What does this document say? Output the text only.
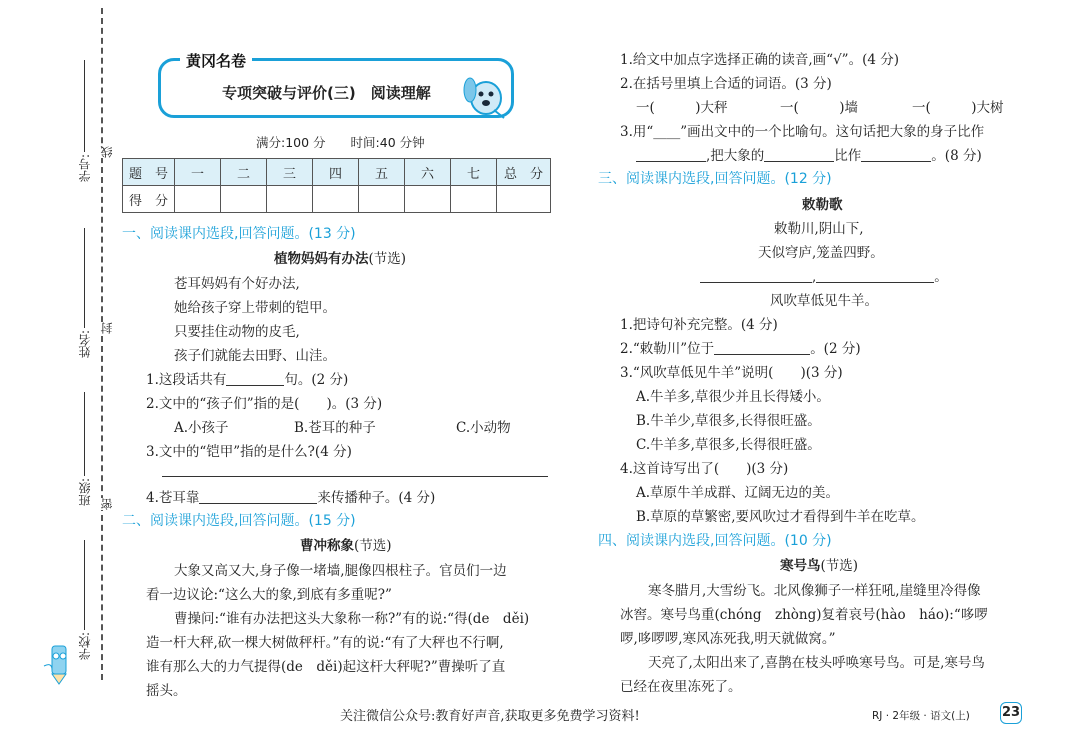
学号:
线
姓名:
封
班级: 密
学校:
黄冈名卷
专项突破与评价(三)　阅读理解
满分:100 分　　时间:40 分钟
题　号	一	二	三	四	五	六	七	总　分
得　分								
一、阅读课内选段,回答问题。(13 分)
植物妈妈有办法(节选)
苍耳妈妈有个好办法,
她给孩子穿上带刺的铠甲。
只要挂住动物的皮毛,
孩子们就能去田野、山洼。
1.这段话共有	句。(2 分)
2.文中的“孩子们”指的是(　　)。(3 分)
A.小孩子	B.苍耳的种子	C.小动物
3.文中的“铠甲”指的是什么?(4 分)
4.苍耳靠	来传播种子。(4 分)
二、阅读课内选段,回答问题。(15 分)
曹冲称象(节选)
大象又高又大,身子像一堵墙,腿像四根柱子。官员们一边
看一边议论:“这么大的象,到底有多重呢?”
曹操问:“谁有办法把这头大象称一称?”有的说:“得(de　děi)
造一杆大秤,砍一棵大树做秤杆。”有的说:“有了大秤也不行啊,
谁有那么大的力气提得(de　děi)起这杆大秤呢?”曹操听了直
摇头。
1.给文中加点字选择正确的读音,画“√”。(4 分)
2.在括号里填上合适的词语。(3 分)
一(　　　)大秤	一(　　　)墙	一(　　　)大树
3.用“____”画出文中的一个比喻句。这句话把大象的身子比作
,把大象的	比作	。(8 分)
三、阅读课内选段,回答问题。(12 分)
敕勒歌
敕勒川,阴山下,
天似穹庐,笼盖四野。
,	。
风吹草低见牛羊。
1.把诗句补充完整。(4 分)
2.“敕勒川”位于	。(2 分)
3.“风吹草低见牛羊”说明(　　)(3 分)
A.牛羊多,草很少并且长得矮小。
B.牛羊少,草很多,长得很旺盛。
C.牛羊多,草很多,长得很旺盛。
4.这首诗写出了(　　)(3 分)
A.草原牛羊成群、辽阔无边的美。
B.草原的草繁密,要风吹过才看得到牛羊在吃草。
四、阅读课内选段,回答问题。(10 分)
寒号鸟(节选)
寒冬腊月,大雪纷飞。北风像狮子一样狂吼,崖缝里冷得像
冰窖。寒号鸟重(chóng　zhòng)复着哀号(hào　háo):“哆啰
啰,哆啰啰,寒风冻死我,明天就做窝。”
天亮了,太阳出来了,喜鹊在枝头呼唤寒号鸟。可是,寒号鸟
已经在夜里冻死了。
关注微信公众号:教育好声音,获取更多免费学习资料!	RJ · 2年级 · 语文(上) 23
